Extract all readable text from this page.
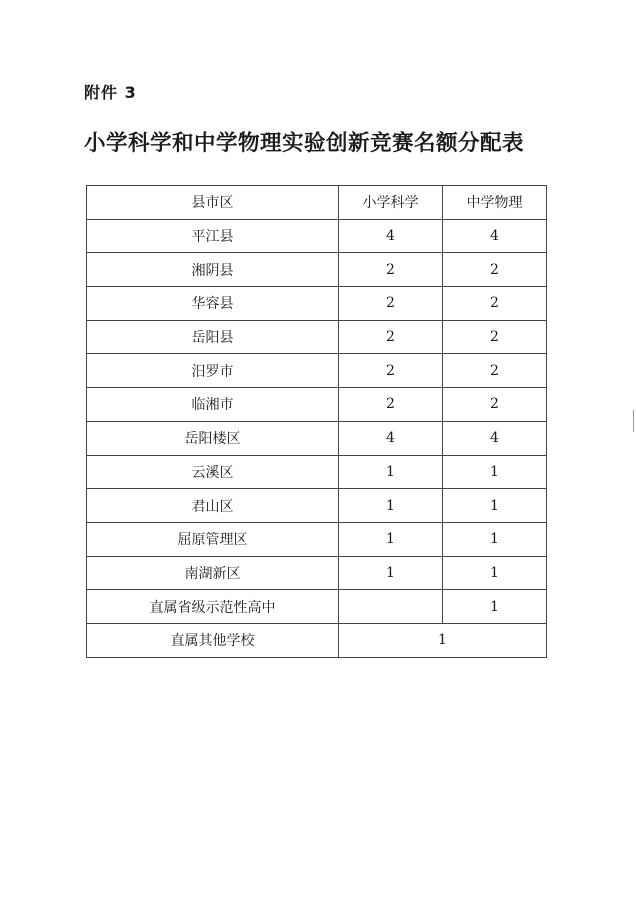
附件 3
小学科学和中学物理实验创新竞赛名额分配表
县市区	小学科学	中学物理
平江县	4	4
湘阴县	2	2
华容县	2	2
岳阳县	2	2
汨罗市	2	2
临湘市	2	2
岳阳楼区	4	4
云溪区	1	1
君山区	1	1
屈原管理区	1	1
南湖新区	1	1
直属省级示范性高中		1
直属其他学校	1	
